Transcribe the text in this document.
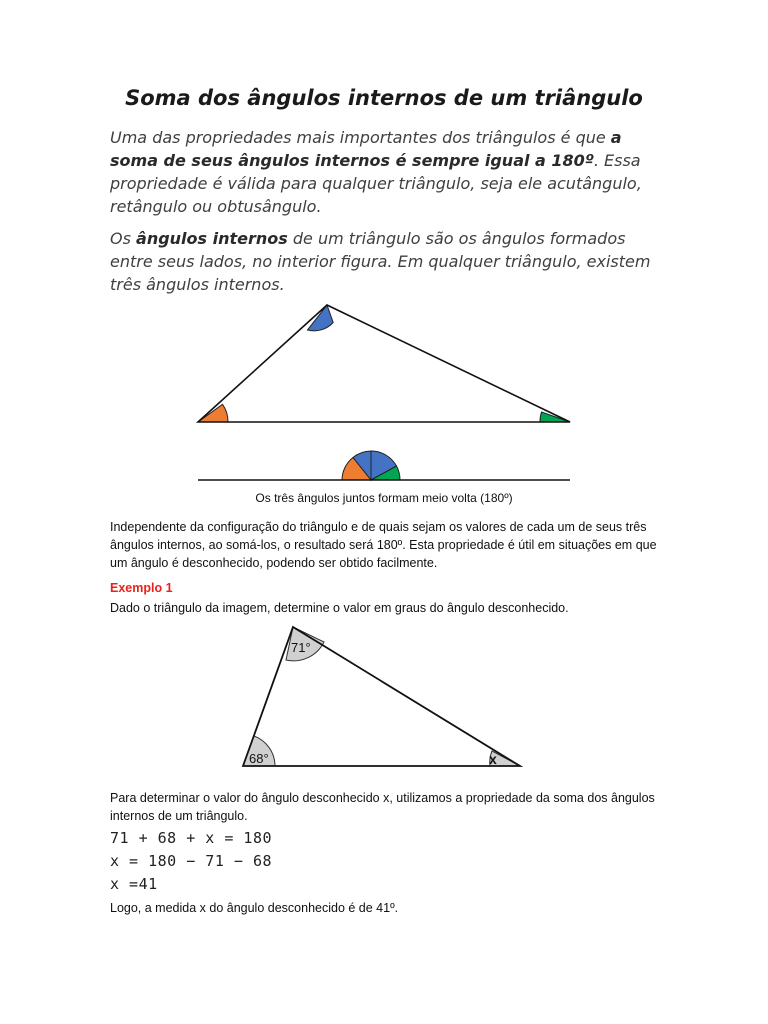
Soma dos ângulos internos de um triângulo

Uma das propriedades mais importantes dos triângulos é que a soma de seus ângulos internos é sempre igual a 180º. Essa propriedade é válida para qualquer triângulo, seja ele acutângulo, retângulo ou obtusângulo.

Os ângulos internos de um triângulo são os ângulos formados entre seus lados, no interior figura. Em qualquer triângulo, existem três ângulos internos.

Os três ângulos juntos formam meio volta (180º)

Independente da configuração do triângulo e de quais sejam os valores de cada um de seus três ângulos internos, ao somá-los, o resultado será 180º. Esta propriedade é útil em situações em que um ângulo é desconhecido, podendo ser obtido facilmente.

Exemplo 1

Dado o triângulo da imagem, determine o valor em graus do ângulo desconhecido.

71°
68°	x

Para determinar o valor do ângulo desconhecido x, utilizamos a propriedade da soma dos ângulos internos de um triângulo.

71 + 68 + x = 180

x = 180 − 71 − 68

x =41

Logo, a medida x do ângulo desconhecido é de 41º.
